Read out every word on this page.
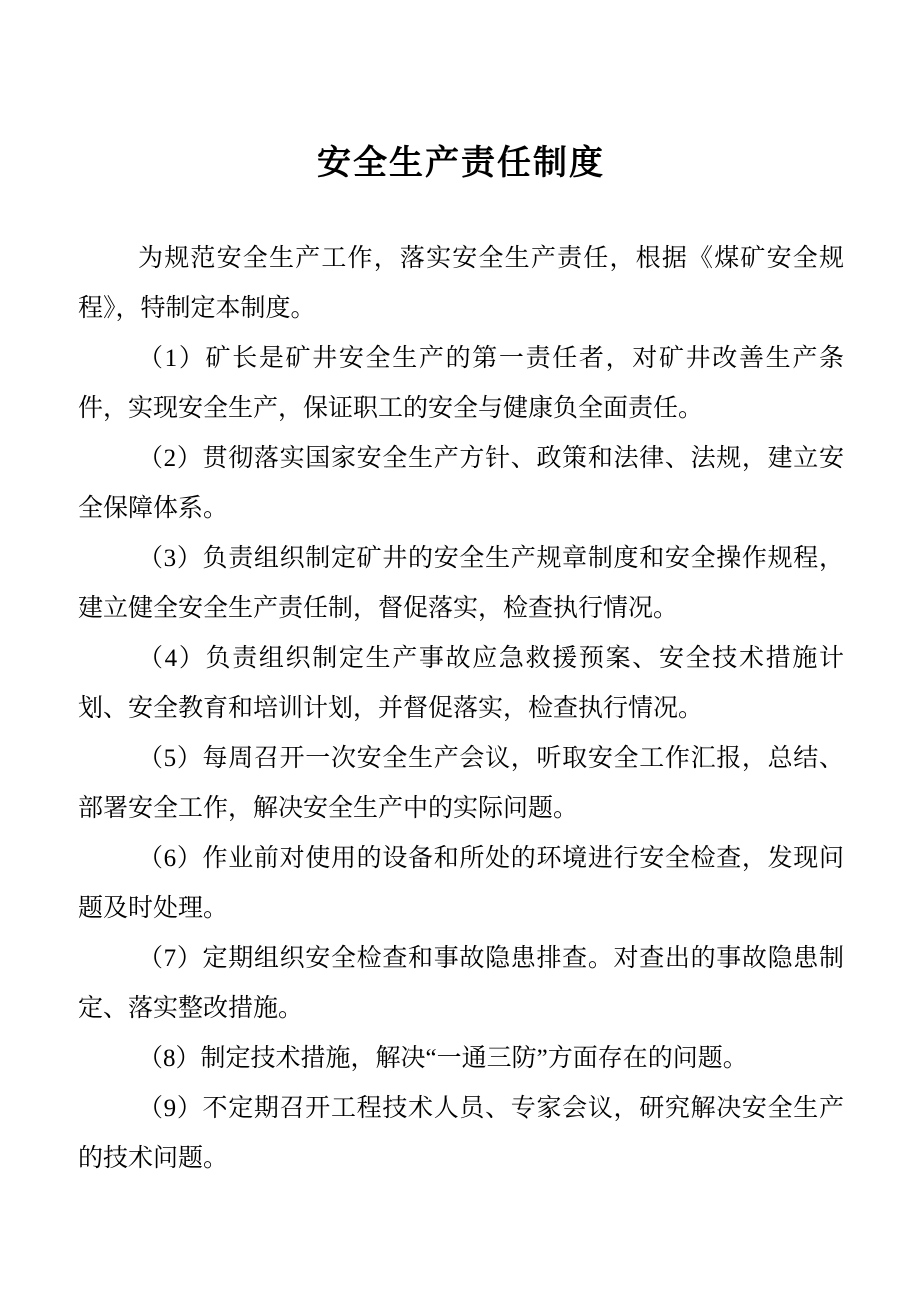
安全生产责任制度

为规范安全生产工作，落实安全生产责任，根据《煤矿安全规程》，特制定本制度。

（1）矿长是矿井安全生产的第一责任者，对矿井改善生产条件，实现安全生产，保证职工的安全与健康负全面责任。

（2）贯彻落实国家安全生产方针、政策和法律、法规，建立安全保障体系。

（3）负责组织制定矿井的安全生产规章制度和安全操作规程，建立健全安全生产责任制，督促落实，检查执行情况。

（4）负责组织制定生产事故应急救援预案、安全技术措施计划、安全教育和培训计划，并督促落实，检查执行情况。

（5）每周召开一次安全生产会议，听取安全工作汇报，总结、部署安全工作，解决安全生产中的实际问题。

（6）作业前对使用的设备和所处的环境进行安全检查，发现问题及时处理。

（7）定期组织安全检查和事故隐患排查。对查出的事故隐患制定、落实整改措施。

（8）制定技术措施，解决“一通三防”方面存在的问题。

（9）不定期召开工程技术人员、专家会议，研究解决安全生产的技术问题。
